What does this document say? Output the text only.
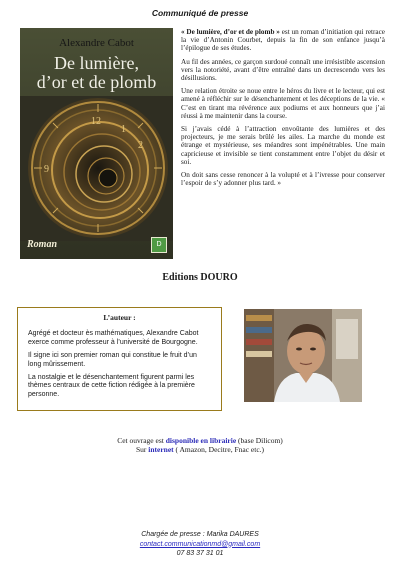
Communiqué de presse
Alexandre Cabot
De lumière,
d’or et de plomb
12
1
2
9
Roman	D

« De lumière, d’or et de plomb » est un roman d’initiation qui retrace la vie d’Antonin Courbet, depuis la fin de son enfance jusqu’à l’épilogue de ses études.

Au fil des années, ce garçon surdoué connaît une irrésistible ascension vers la notoriété, avant d’être entraîné dans un decrescendo vers les désillusions.

Une relation étroite se noue entre le héros du livre et le lecteur, qui est amené à réfléchir sur le désenchantement et les déceptions de la vie. « C’est en tirant ma révérence aux podiums et aux honneurs que j’ai réussi à me maintenir dans la course.

Si j’avais cédé à l’attraction envoûtante des lumières et des projecteurs, je me serais brûlé les ailes. La marche du monde est étrange et mystérieuse, ses méandres sont impénétrables. Une main capricieuse et invisible se tient constamment entre l’objet du désir et soi.

On doit sans cesse renoncer à la volupté et à l’ivresse pour conserver l’espoir de s’y adonner plus tard. »

Editions DOURO
L’auteur :

Agrégé et docteur ès mathématiques, Alexandre Cabot exerce comme professeur à l’université de Bourgogne.

Il signe ici son premier roman qui constitue le fruit d’un long mûrissement.

La nostalgie et le désenchantement figurent parmi les thèmes centraux de cette fiction rédigée à la première personne.

Cet ouvrage est disponible en librairie (base Dilicom)
Sur internet ( Amazon, Decitre, Fnac etc.)
Chargée de presse : Marika DAURES
contact.communicationmd@gmail.com
07 83 37 31 01
